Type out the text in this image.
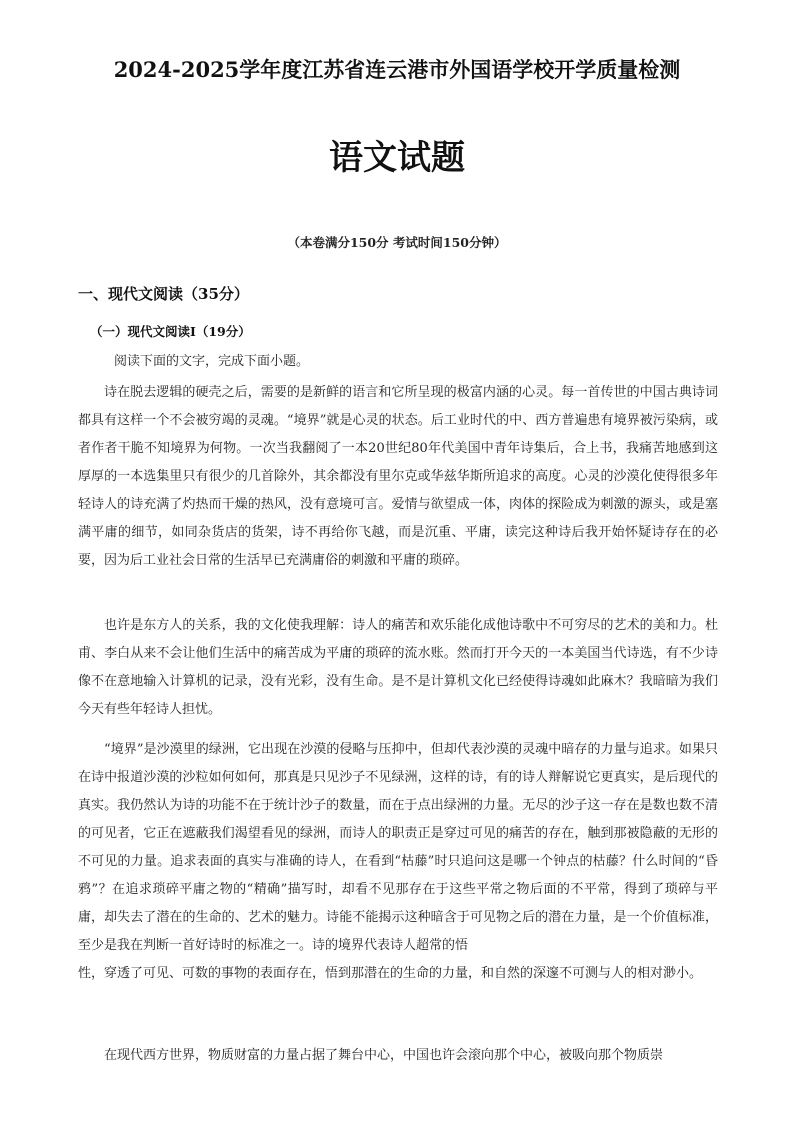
2024-2025学年度江苏省连云港市外国语学校开学质量检测
语文试题
（本卷满分150分 考试时间150分钟）
一、现代文阅读（35分）
（一）现代文阅读I（19分）
阅读下面的文字，完成下面小题。

诗在脱去逻辑的硬壳之后，需要的是新鲜的语言和它所呈现的极富内涵的心灵。每一首传世的中国古典诗词都具有这样一个不会被穷竭的灵魂。“境界”就是心灵的状态。后工业时代的中、西方普遍患有境界被污染病，或者作者干脆不知境界为何物。一次当我翻阅了一本20世纪80年代美国中青年诗集后，合上书，我痛苦地感到这厚厚的一本选集里只有很少的几首除外，其余都没有里尔克或华兹华斯所追求的高度。心灵的沙漠化使得很多年轻诗人的诗充满了灼热而干燥的热风，没有意境可言。爱情与欲望成一体，肉体的探险成为刺激的源头，或是塞满平庸的细节，如同杂货店的货架，诗不再给你飞越，而是沉重、平庸，读完这种诗后我开始怀疑诗存在的必要，因为后工业社会日常的生活早已充满庸俗的刺激和平庸的琐碎。

也许是东方人的关系，我的文化使我理解：诗人的痛苦和欢乐能化成他诗歌中不可穷尽的艺术的美和力。杜甫、李白从来不会让他们生活中的痛苦成为平庸的琐碎的流水账。然而打开今天的一本美国当代诗选，有不少诗像不在意地输入计算机的记录，没有光彩，没有生命。是不是计算机文化已经使得诗魂如此麻木？我暗暗为我们今天有些年轻诗人担忧。

“境界”是沙漠里的绿洲，它出现在沙漠的侵略与压抑中，但却代表沙漠的灵魂中暗存的力量与追求。如果只在诗中报道沙漠的沙粒如何如何，那真是只见沙子不见绿洲，这样的诗，有的诗人辩解说它更真实，是后现代的真实。我仍然认为诗的功能不在于统计沙子的数量，而在于点出绿洲的力量。无尽的沙子这一存在是数也数不清的可见者，它正在遮蔽我们渴望看见的绿洲，而诗人的职责正是穿过可见的痛苦的存在，触到那被隐蔽的无形的不可见的力量。追求表面的真实与准确的诗人，在看到“枯藤”时只追问这是哪一个钟点的枯藤？什么时间的“昏鸦”？在追求琐碎平庸之物的“精确”描写时，却看不见那存在于这些平常之物后面的不平常，得到了琐碎与平庸，却失去了潜在的生命的、艺术的魅力。诗能不能揭示这种暗含于可见物之后的潜在力量，是一个价值标准，至少是我在判断一首好诗时的标准之一。诗的境界代表诗人超常的悟
性，穿透了可见、可数的事物的表面存在，悟到那潜在的生命的力量，和自然的深邃不可测与人的相对渺小。

在现代西方世界，物质财富的力量占据了舞台中心，中国也许会滚向那个中心，被吸向那个物质崇
